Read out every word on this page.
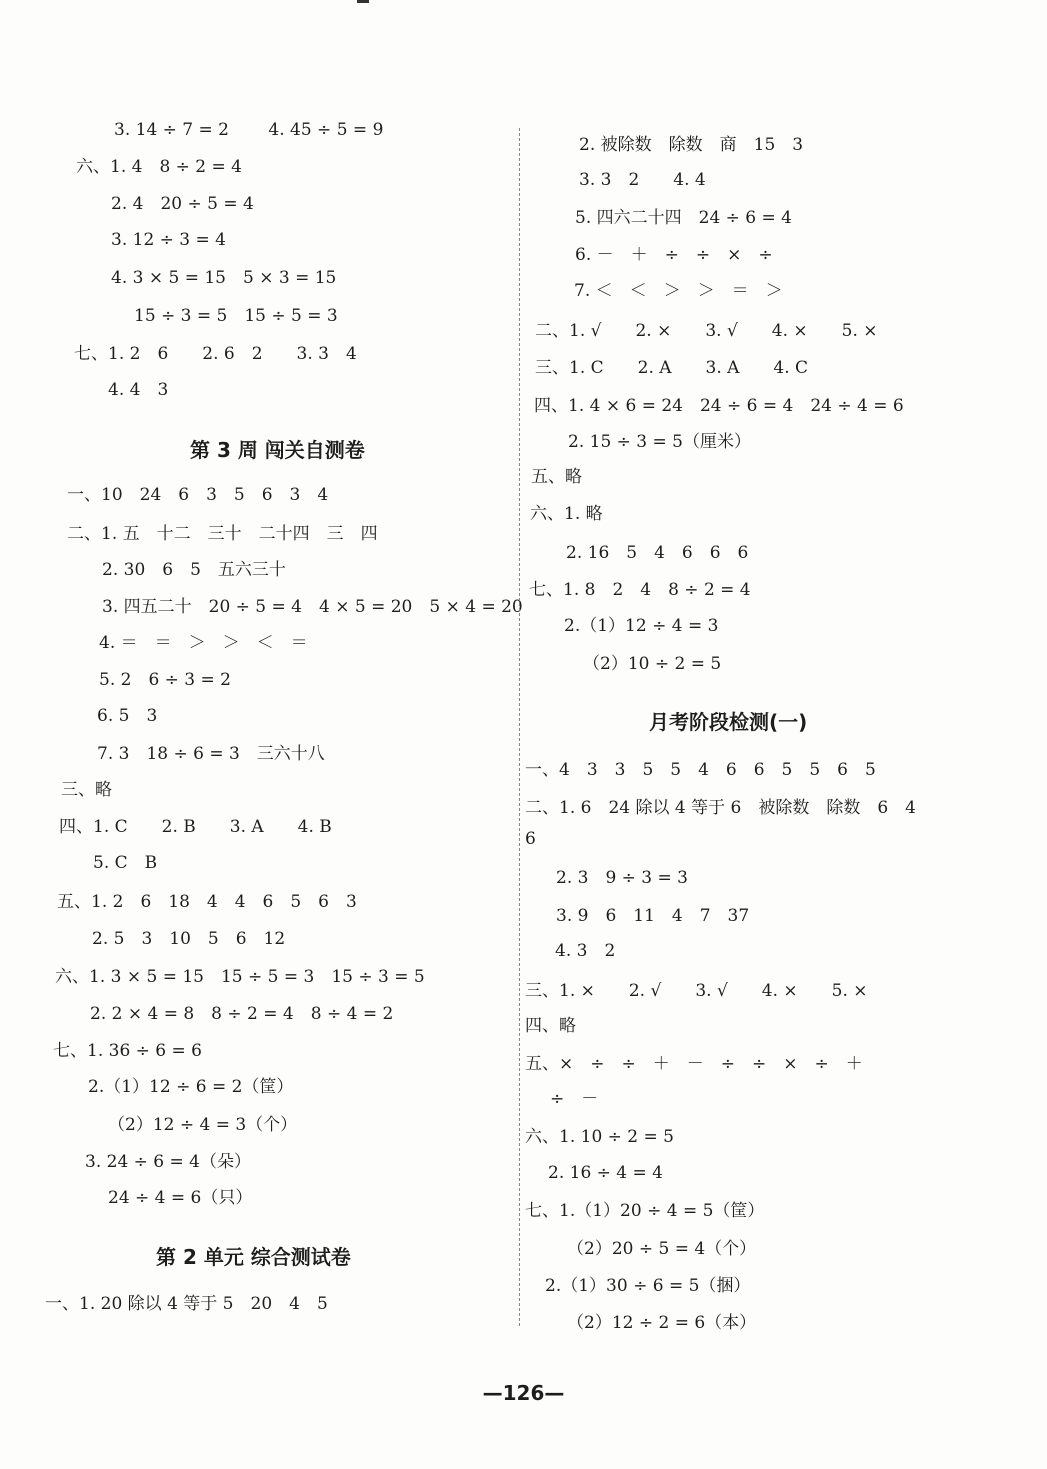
3. 14 ÷ 7 = 2　　 4. 45 ÷ 5 = 9
六、1. 4　8 ÷ 2 = 4
2. 4　20 ÷ 5 = 4
3. 12 ÷ 3 = 4
4. 3 × 5 = 15　5 × 3 = 15
15 ÷ 3 = 5　15 ÷ 5 = 3
七、1. 2　6　　2. 6　2　　3. 3　4
4. 4　3
第 3 周 闯关自测卷
一、10　24　6　3　5　6　3　4
二、1. 五　十二　三十　二十四　三　四
2. 30　6　5　五六三十
3. 四五二十　20 ÷ 5 = 4　4 × 5 = 20　5 × 4 = 20
4. ＝　＝　＞　＞　＜　＝
5. 2　6 ÷ 3 = 2
6. 5　3
7. 3　18 ÷ 6 = 3　三六十八
三、略
四、1. C　　2. B　　3. A　　4. B
5. C　B
五、1. 2　6　18　4　4　6　5　6　3
2. 5　3　10　5　6　12
六、1. 3 × 5 = 15　15 ÷ 5 = 3　15 ÷ 3 = 5
2. 2 × 4 = 8　8 ÷ 2 = 4　8 ÷ 4 = 2
七、1. 36 ÷ 6 = 6
2.（1）12 ÷ 6 = 2（筐）
（2）12 ÷ 4 = 3（个）
3. 24 ÷ 6 = 4（朵）
24 ÷ 4 = 6（只）
第 2 单元 综合测试卷
一、1. 20 除以 4 等于 5　20　4　5
2. 被除数　除数　商　15　3
3. 3　2　　4. 4
5. 四六二十四　24 ÷ 6 = 4
6. －　＋　÷　÷　×　÷
7. ＜　＜　＞　＞　＝　＞
二、1. √　　2. ×　　3. √　　4. ×　　5. ×
三、1. C　　2. A　　3. A　　4. C
四、1. 4 × 6 = 24　24 ÷ 6 = 4　24 ÷ 4 = 6
2. 15 ÷ 3 = 5（厘米）
五、略
六、1. 略
2. 16　5　4　6　6　6
七、1. 8　2　4　8 ÷ 2 = 4
2.（1）12 ÷ 4 = 3
（2）10 ÷ 2 = 5
月考阶段检测(一)
一、4　3　3　5　5　4　6　6　5　5　6　5
二、1. 6　24 除以 4 等于 6　被除数　除数　6　4
6
2. 3　9 ÷ 3 = 3
3. 9　6　11　4　7　37
4. 3　2
三、1. ×　　2. √　　3. √　　4. ×　　5. ×
四、略
五、×　÷　÷　＋　－　÷　÷　×　÷　＋
÷　－
六、1. 10 ÷ 2 = 5
2. 16 ÷ 4 = 4
七、1.（1）20 ÷ 4 = 5（筐）
（2）20 ÷ 5 = 4（个）
2.（1）30 ÷ 6 = 5（捆）
（2）12 ÷ 2 = 6（本）
—126—
